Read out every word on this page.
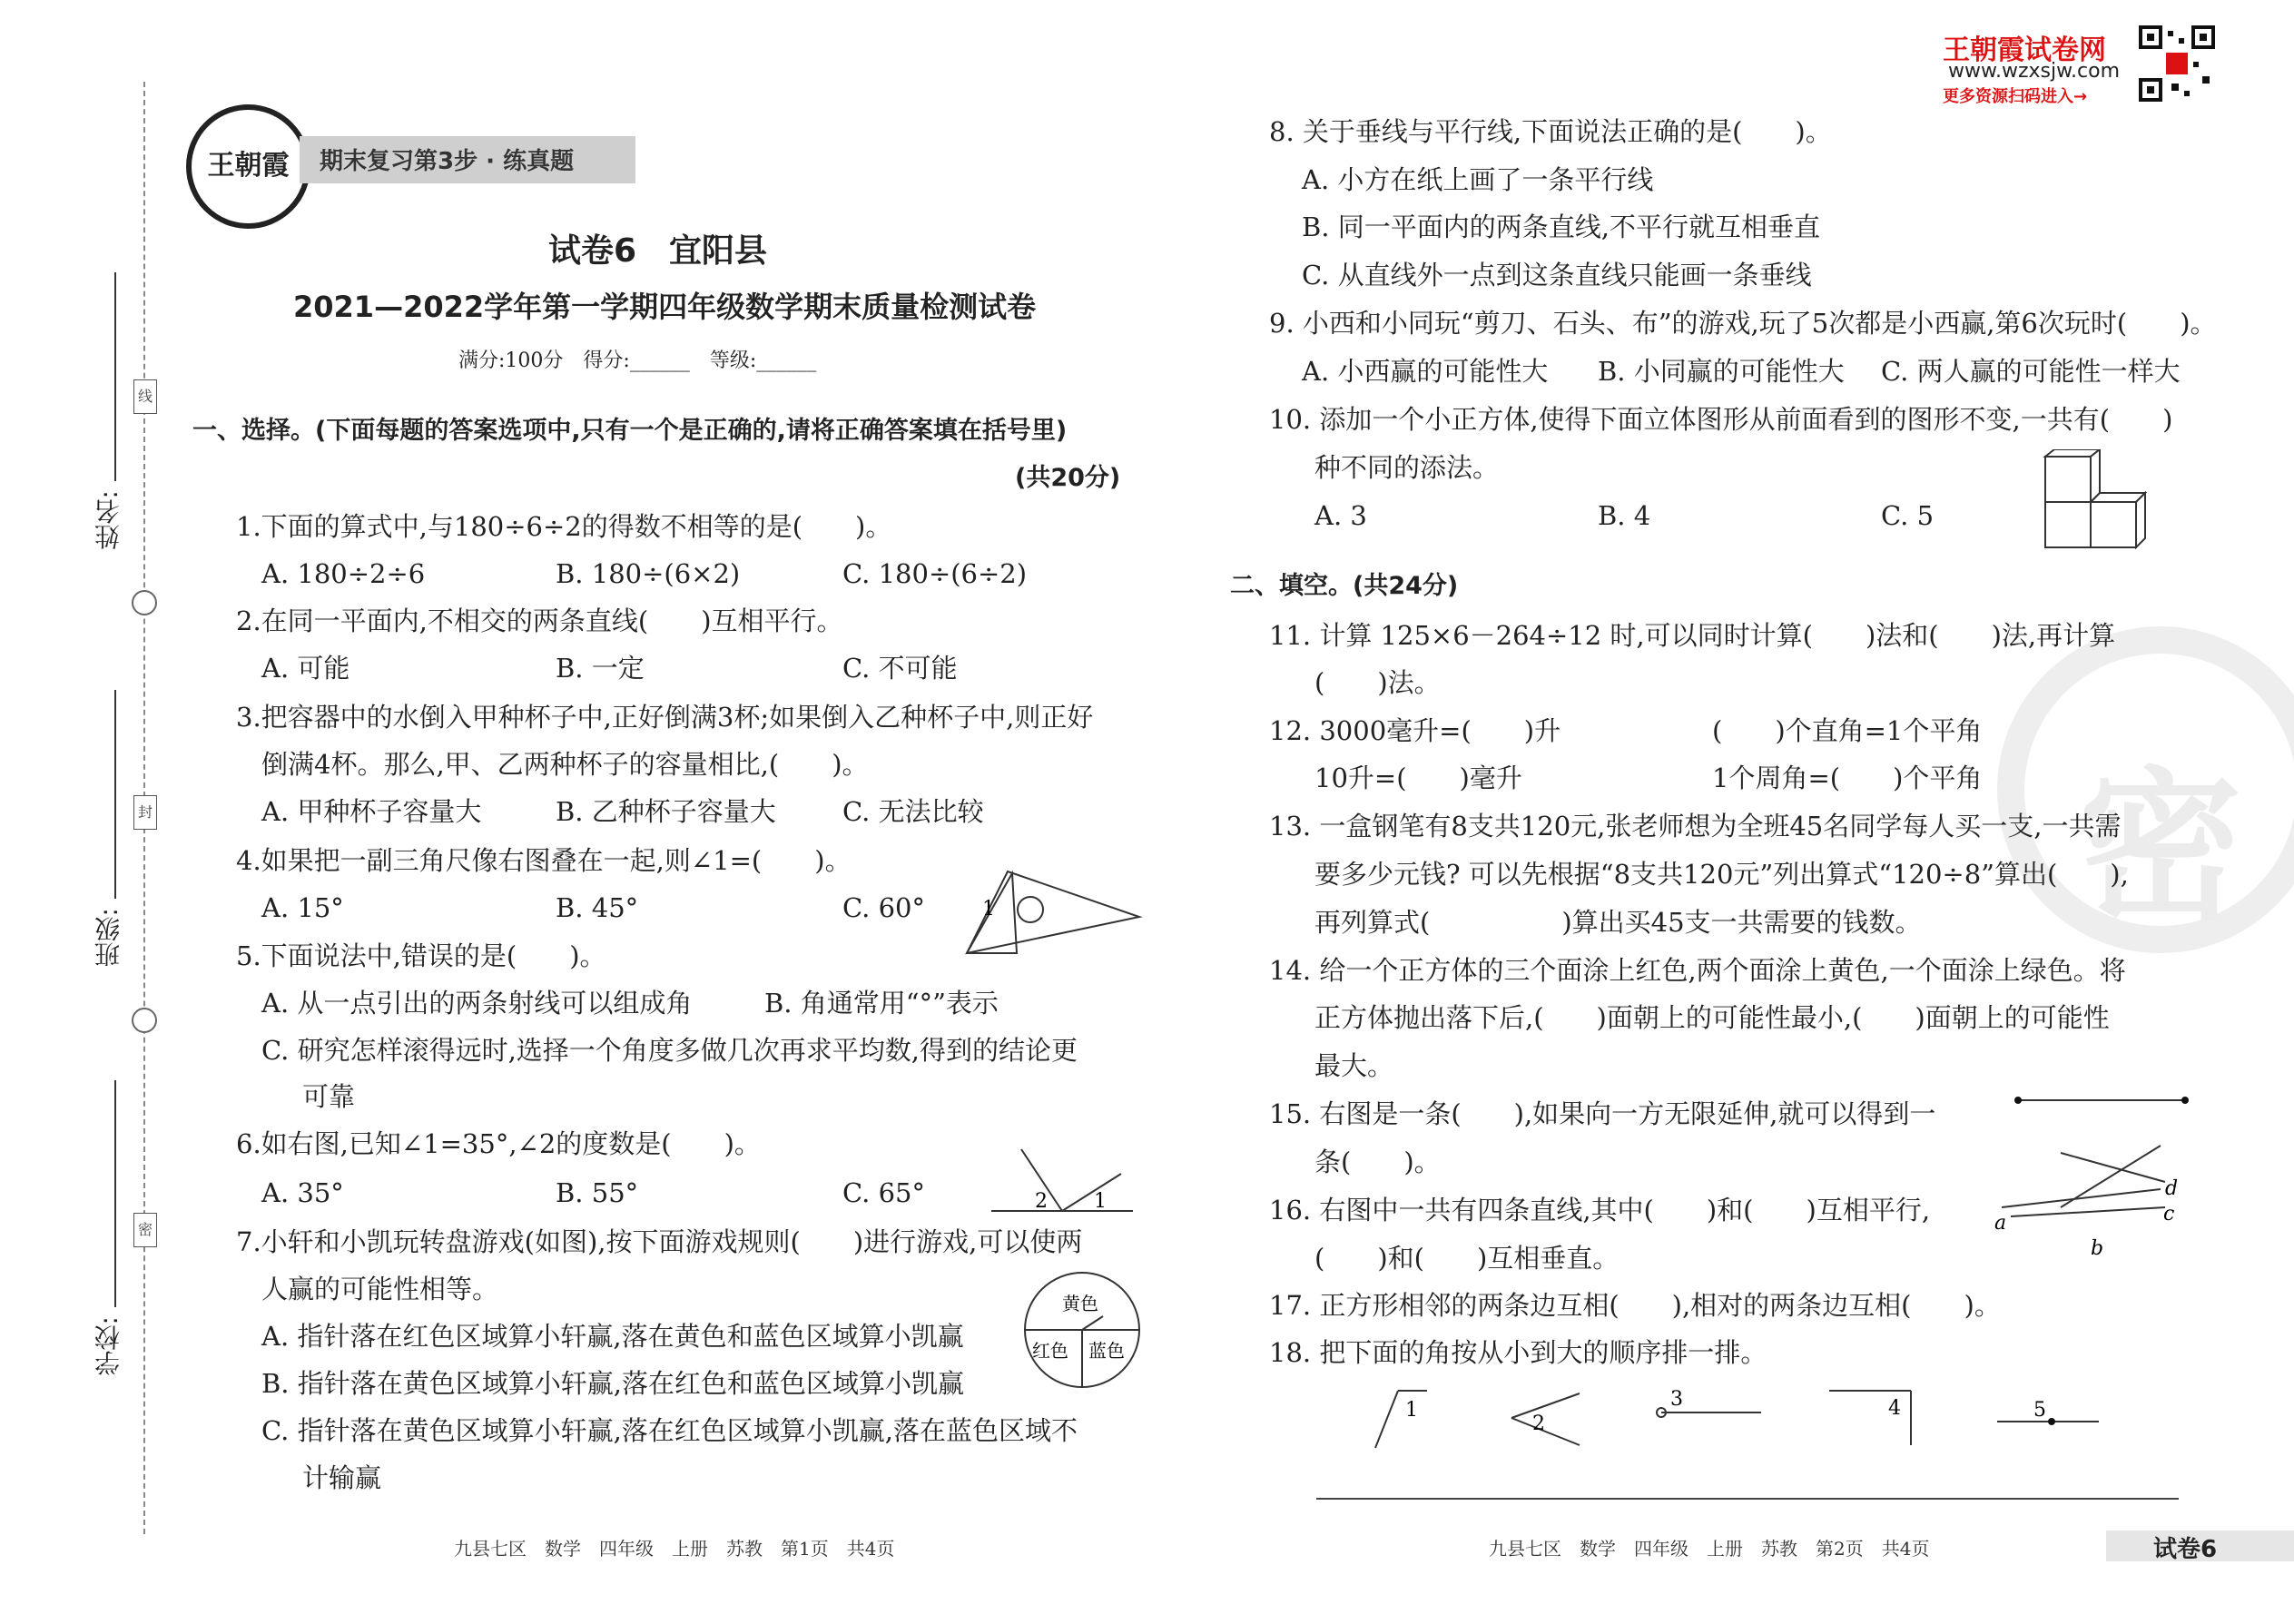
线
封
密
姓名:
班级:
学校:
王朝霞	期末复习第3步 · 练真题
试卷6　宜阳县
2021—2022学年第一学期四年级数学期末质量检测试卷
满分:100分　得分:______　等级:______
一、选择。(下面每题的答案选项中,只有一个是正确的,请将正确答案填在括号里)
(共20分)
1.下面的算式中,与180÷6÷2的得数不相等的是(　　)。
A. 180÷2÷6	B. 180÷(6×2)	C. 180÷(6÷2)
2.在同一平面内,不相交的两条直线(　　)互相平行。
A. 可能	B. 一定	C. 不可能
3.把容器中的水倒入甲种杯子中,正好倒满3杯;如果倒入乙种杯子中,则正好
倒满4杯。那么,甲、乙两种杯子的容量相比,(　　)。
A. 甲种杯子容量大	B. 乙种杯子容量大	C. 无法比较
4.如果把一副三角尺像右图叠在一起,则∠1=(　　)。
A. 15°	B. 45°	C. 60°	1
5.下面说法中,错误的是(　　)。
A. 从一点引出的两条射线可以组成角	B. 角通常用“°”表示
C. 研究怎样滚得远时,选择一个角度多做几次再求平均数,得到的结论更
可靠
6.如右图,已知∠1=35°,∠2的度数是(　　)。
A. 35°	B. 55°	C. 65°	2 1
7.小轩和小凯玩转盘游戏(如图),按下面游戏规则(　　)进行游戏,可以使两
人赢的可能性相等。
A. 指针落在红色区域算小轩赢,落在黄色和蓝色区域算小凯赢
B. 指针落在黄色区域算小轩赢,落在红色和蓝色区域算小凯赢
C. 指针落在黄色区域算小轩赢,落在红色区域算小凯赢,落在蓝色区域不
计输赢
黄色
红色 蓝色
九县七区　数学　四年级　上册　苏教　第1页　共4页
王朝霞试卷网
www.wzxsjw.com
更多资源扫码进入→
密
8. 关于垂线与平行线,下面说法正确的是(　　)。
A. 小方在纸上画了一条平行线
B. 同一平面内的两条直线,不平行就互相垂直
C. 从直线外一点到这条直线只能画一条垂线
9. 小西和小同玩“剪刀、石头、布”的游戏,玩了5次都是小西赢,第6次玩时(　　)。
A. 小西赢的可能性大 B. 小同赢的可能性大 C. 两人赢的可能性一样大
10. 添加一个小正方体,使得下面立体图形从前面看到的图形不变,一共有(　　)
种不同的添法。
A. 3	B. 4	C. 5
二、填空。(共24分)
11. 计算 125×6－264÷12 时,可以同时计算(　　)法和(　　)法,再计算
(　　)法。
12. 3000毫升=(　　)升	(　　)个直角=1个平角
10升=(　　)毫升	1个周角=(　　)个平角
13. 一盒钢笔有8支共120元,张老师想为全班45名同学每人买一支,一共需
要多少元钱? 可以先根据“8支共120元”列出算式“120÷8”算出(　　),
再列算式(　　　　　)算出买45支一共需要的钱数。
14. 给一个正方体的三个面涂上红色,两个面涂上黄色,一个面涂上绿色。将
正方体抛出落下后,(　　)面朝上的可能性最小,(　　)面朝上的可能性
最大。
15. 右图是一条(　　),如果向一方无限延伸,就可以得到一
条(　　)。
16. 右图中一共有四条直线,其中(　　)和(　　)互相平行,
(　　)和(　　)互相垂直。
a
b
c
d
17. 正方形相邻的两条边互相(　　),相对的两条边互相(　　)。
18. 把下面的角按从小到大的顺序排一排。
1
2
3	4	5
九县七区　数学　四年级　上册　苏教　第2页　共4页	试卷6
